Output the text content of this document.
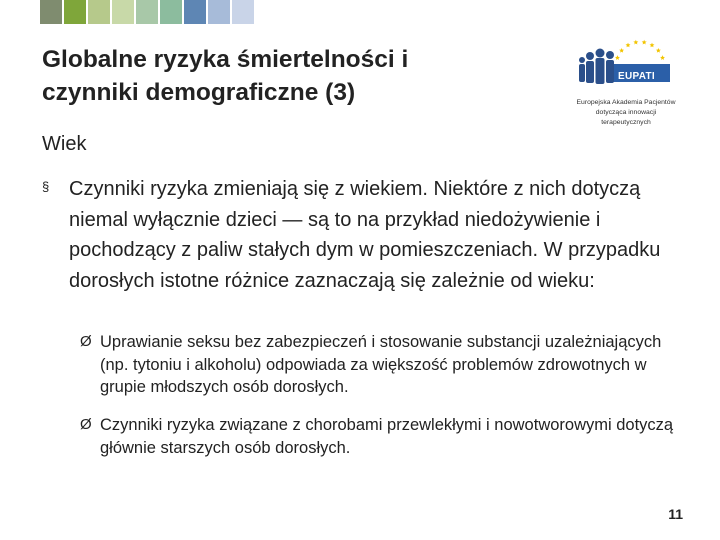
Globalne ryzyka śmiertelności i czynniki demograficzne (3)
EUPATI
Europejska Akademia Pacjentów
dotycząca innowacji
terapeutycznych
Wiek
§ Czynniki ryzyka zmieniają się z wiekiem. Niektóre z nich dotyczą niemal wyłącznie dzieci — są to na przykład niedożywienie i pochodzący z paliw stałych dym w pomieszczeniach. W przypadku dorosłych istotne różnice zaznaczają się zależnie od wieku:
Ø Uprawianie seksu bez zabezpieczeń i stosowanie substancji uzależniających (np. tytoniu i alkoholu) odpowiada za większość problemów zdrowotnych w grupie młodszych osób dorosłych.
Ø Czynniki ryzyka związane z chorobami przewlekłymi i nowotworowymi dotyczą głównie starszych osób dorosłych.
11
